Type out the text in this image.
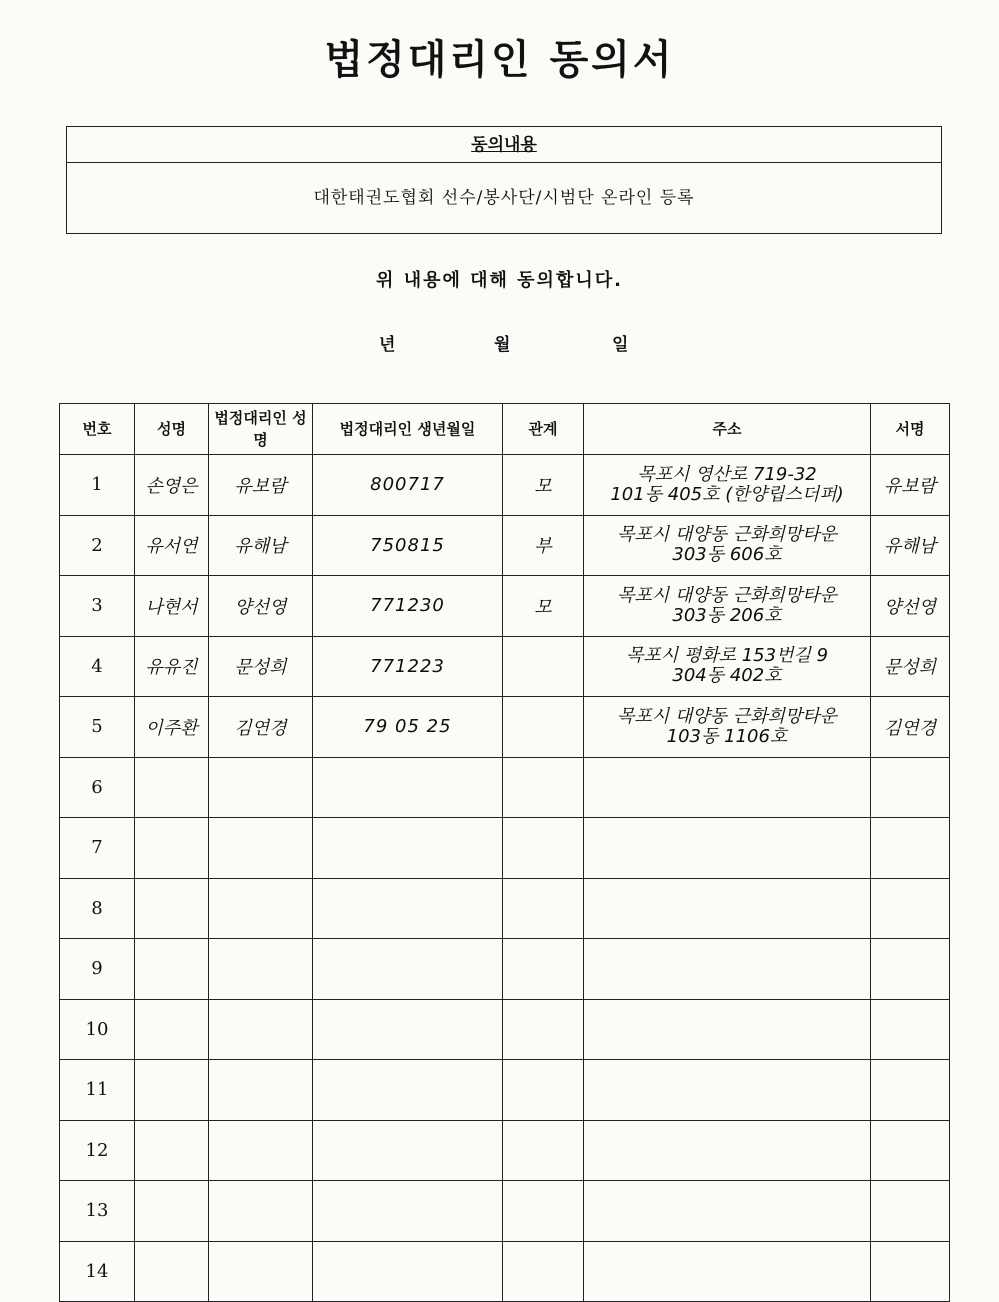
법정대리인 동의서
동의내용
대한태권도협회 선수/봉사단/시범단 온라인 등록
위 내용에 대해 동의합니다.
년	월	일
번호	성명	법정대리인 성명	법정대리인 생년월일	관계	주소	서명
1	손영은	유보람	800717	모	목포시 영산로 719-32
101동 405호 (한양립스더퍼)	유보람
2	유서연	유해남	750815	부	목포시 대양동 근화희망타운
303동 606호	유해남
3	나현서	양선영	771230	모	목포시 대양동 근화희망타운
303동 206호	양선영
4	유유진	문성희	771223		목포시 평화로 153번길 9
304동 402호	문성희
5	이주환	김연경	79 05 25		목포시 대양동 근화희망타운
103동 1106호	김연경
6					

7					

8					

9					

10					

11					

12					

13					

14					
